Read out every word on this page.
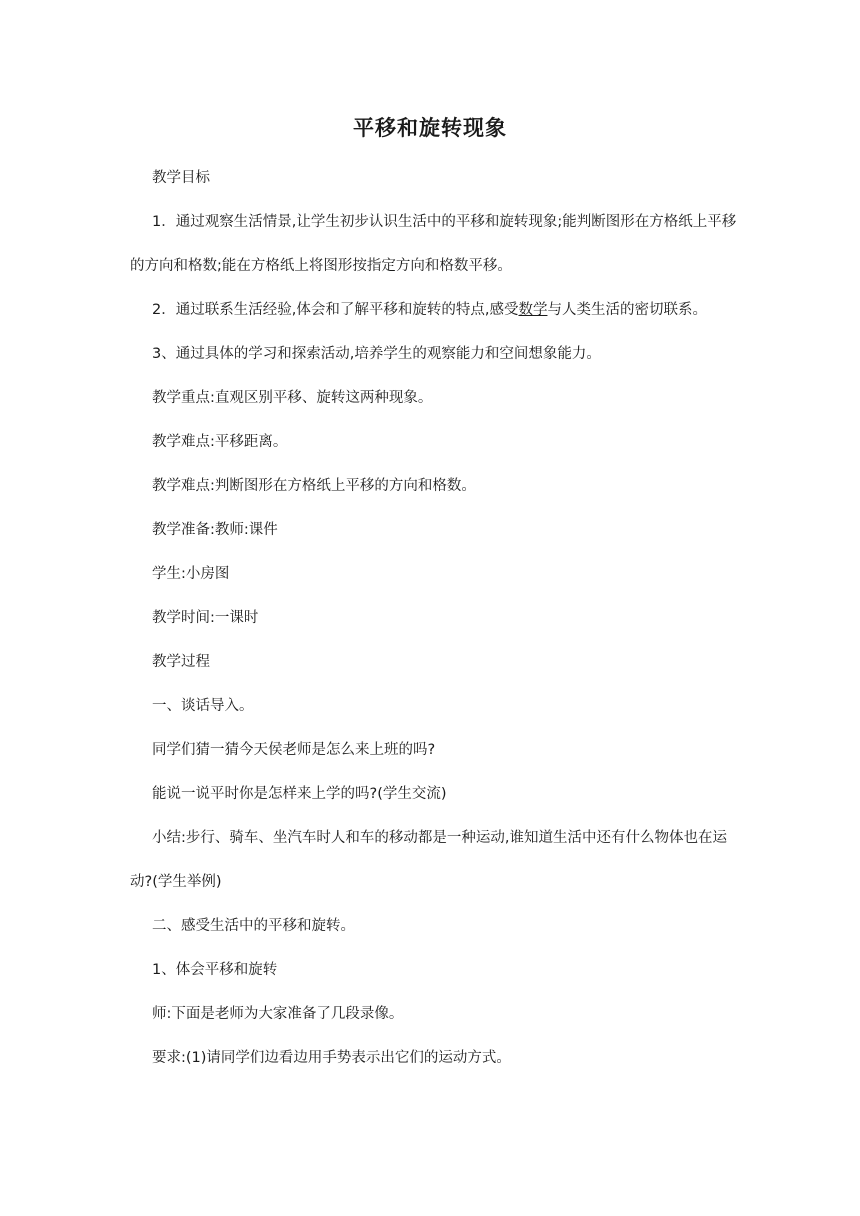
平移和旋转现象
教学目标
1．通过观察生活情景,让学生初步认识生活中的平移和旋转现象;能判断图形在方格纸上平移的方向和格数;能在方格纸上将图形按指定方向和格数平移。
2．通过联系生活经验,体会和了解平移和旋转的特点,感受数学与人类生活的密切联系。
3、通过具体的学习和探索活动,培养学生的观察能力和空间想象能力。
教学重点:直观区别平移、旋转这两种现象。
教学难点:平移距离。
教学难点:判断图形在方格纸上平移的方向和格数。
教学准备:教师:课件
学生:小房图
教学时间:一课时
教学过程
一、谈话导入。
同学们猜一猜今天侯老师是怎么来上班的吗?
能说一说平时你是怎样来上学的吗?(学生交流)
小结:步行、骑车、坐汽车时人和车的移动都是一种运动,谁知道生活中还有什么物体也在运动?(学生举例)
二、感受生活中的平移和旋转。
1、体会平移和旋转
师:下面是老师为大家准备了几段录像。
要求:(1)请同学们边看边用手势表示出它们的运动方式。
